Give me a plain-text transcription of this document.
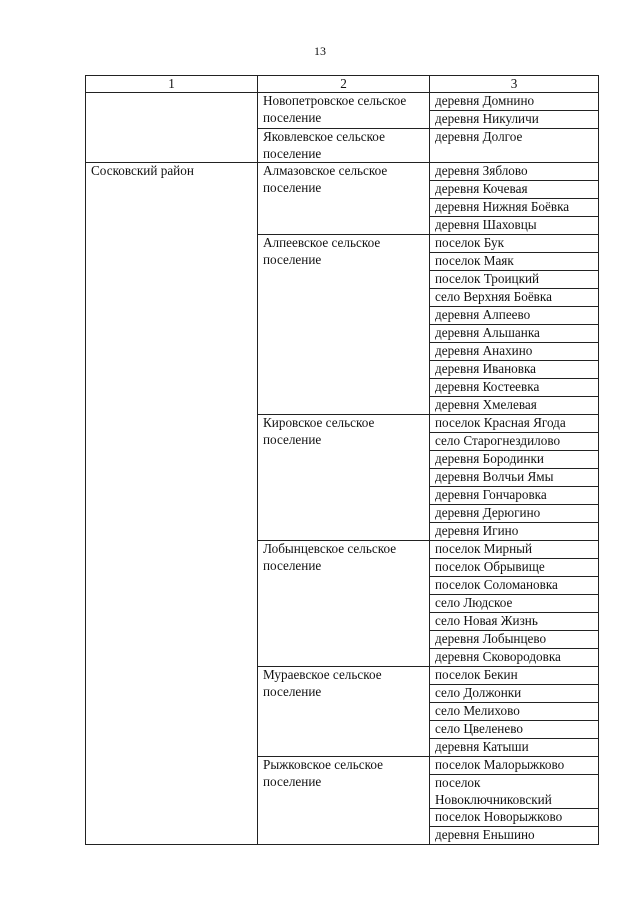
13
1	2	3
	Новопетровское сельское поселение	деревня Домнино
		деревня Никуличи
	Яковлевское сельское поселение	деревня Долгое
Сосковский район	Алмазовское сельское поселение	деревня Зяблово
		деревня Кочевая
		деревня Нижняя Боёвка
		деревня Шаховцы
	Алпеевское сельское поселение	поселок Бук
		поселок Маяк
		поселок Троицкий
		село Верхняя Боёвка
		деревня Алпеево
		деревня Альшанка
		деревня Анахино
		деревня Ивановка
		деревня Костеевка
		деревня Хмелевая
	Кировское сельское поселение	поселок Красная Ягода
		село Старогнездилово
		деревня Бородинки
		деревня Волчьи Ямы
		деревня Гончаровка
		деревня Дерюгино
		деревня Игино
	Лобынцевское сельское поселение	поселок Мирный
		поселок Обрывище
		поселок Соломановка
		село Людское
		село Новая Жизнь
		деревня Лобынцево
		деревня Сковородовка
	Мураевское сельское поселение	поселок Бекин
		село Должонки
		село Мелихово
		село Цвеленево
		деревня Катыши
	Рыжковское сельское поселение	поселок Малорыжково
		поселок Новоключниковский
		поселок Новорыжково
		деревня Еньшино
